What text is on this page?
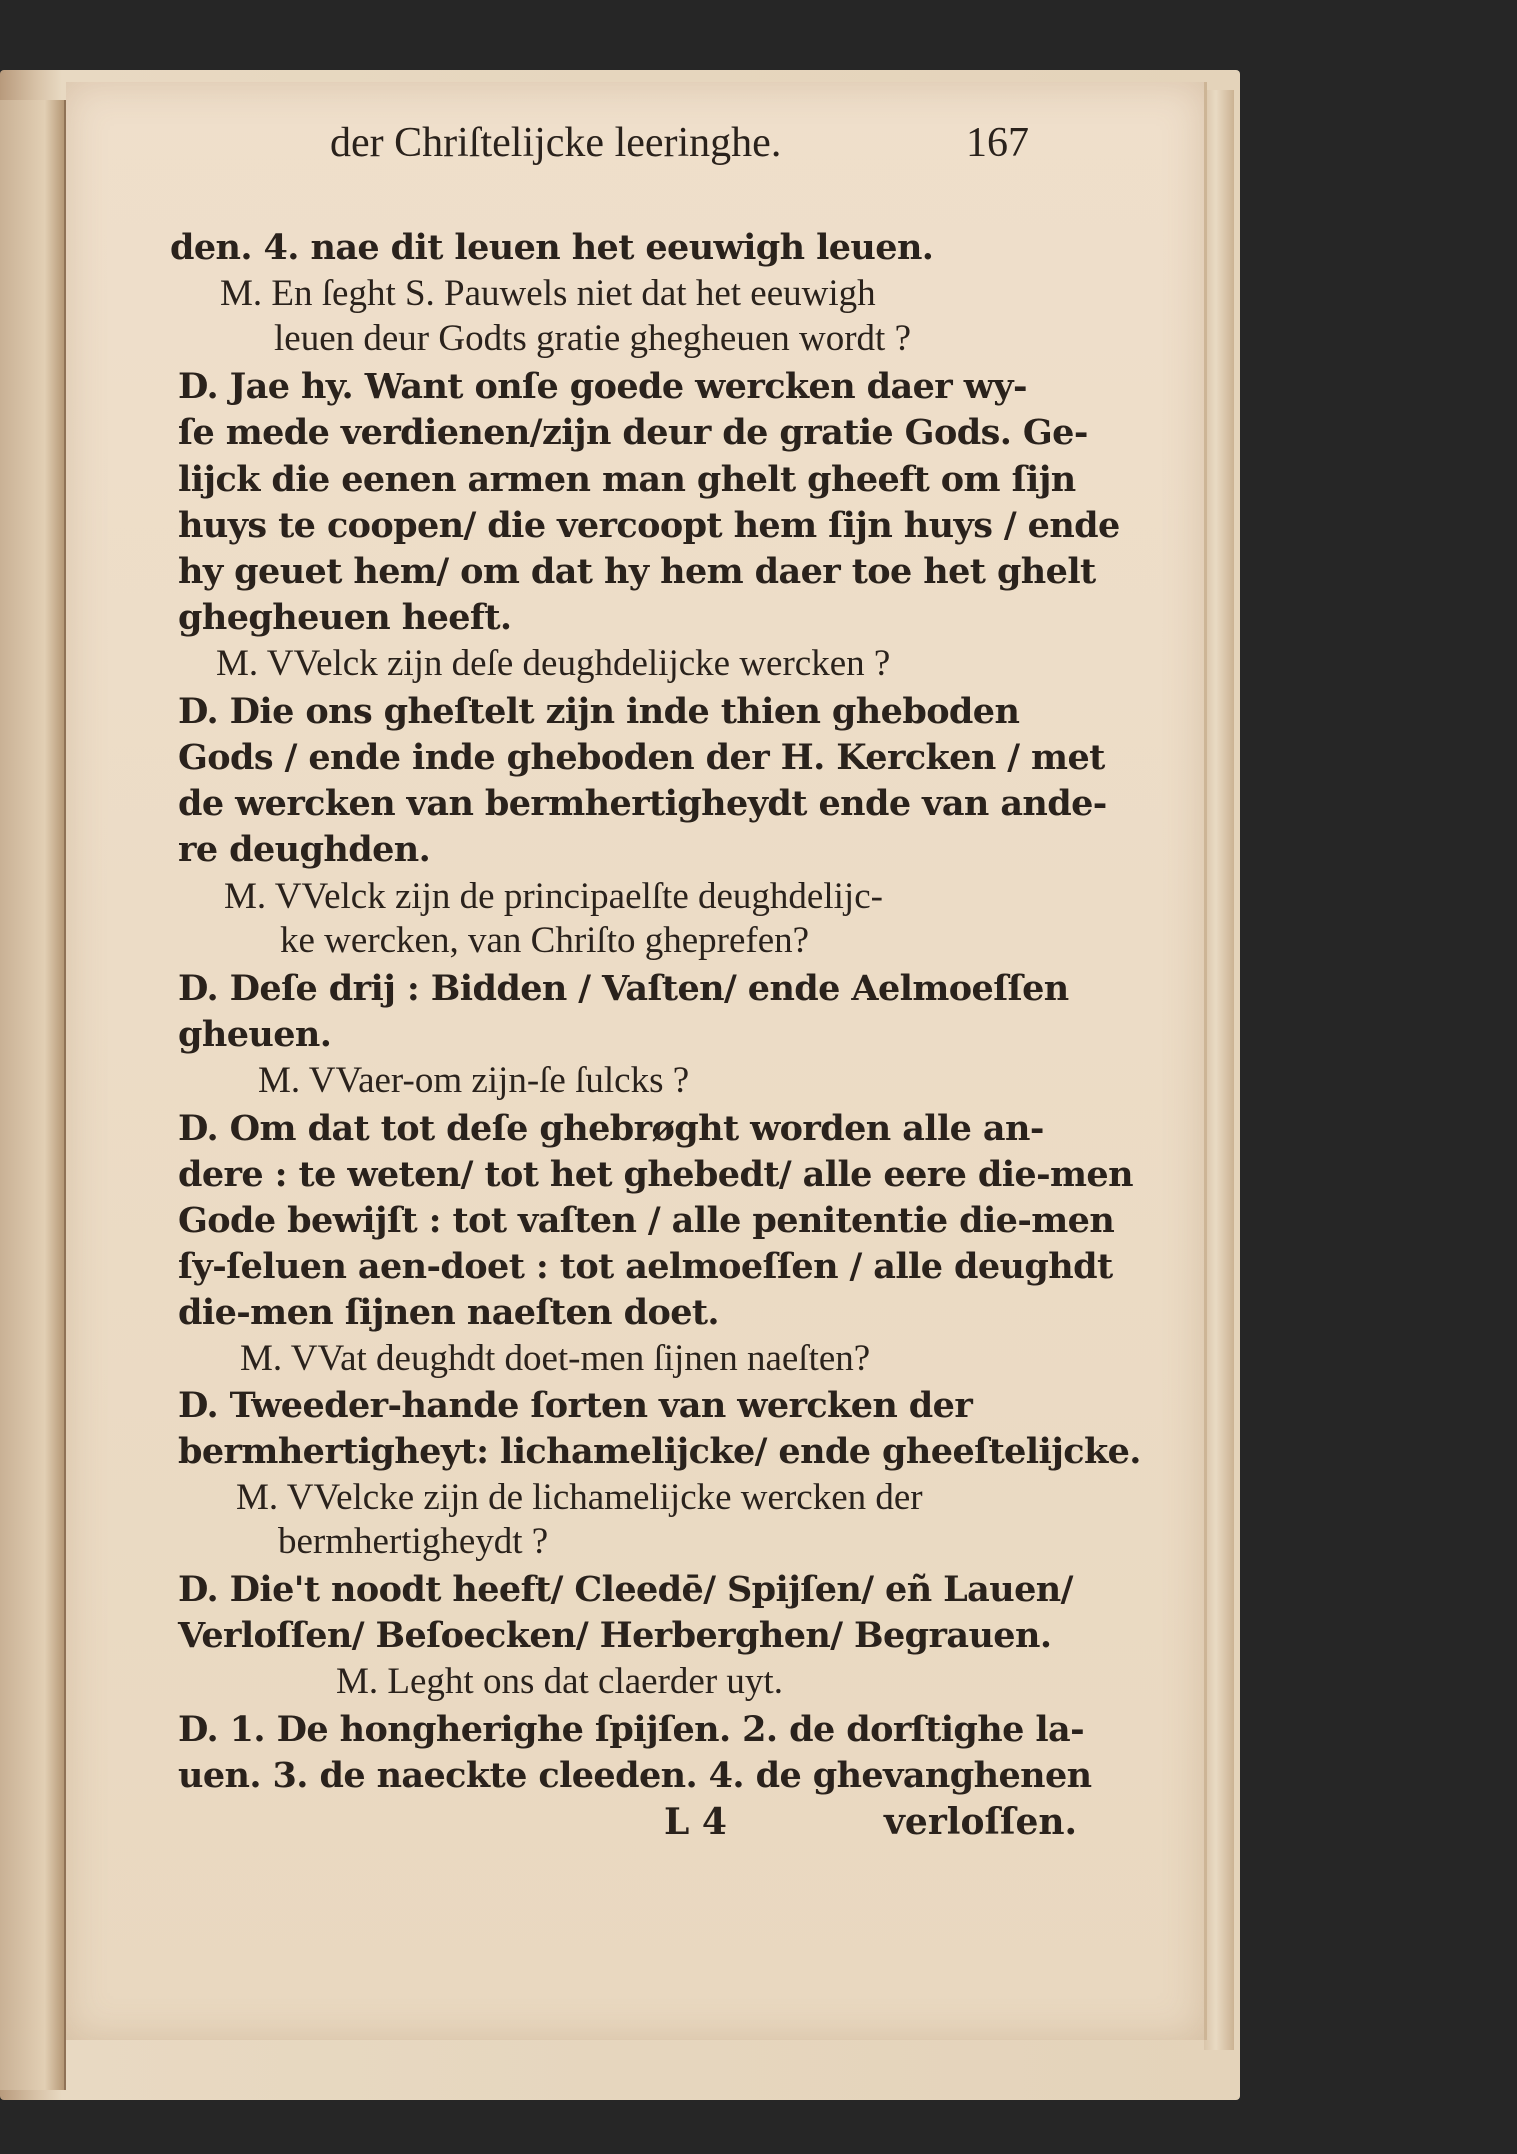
der Chriſtelijcke leeringhe.	167
den. 4. nae dit leuen het eeuwigh leuen.
M. En ſeght S. Pauwels niet dat het eeuwigh
leuen deur Godts gratie ghegheuen wordt ?
D. Jae hy. Want onſe goede wercken daer wy-
ſe mede verdienen/zijn deur de gratie Gods. Ge-
lijck die eenen armen man ghelt gheeft om ſijn
huys te coopen/ die vercoopt hem ſijn huys / ende
hy geuet hem/ om dat hy hem daer toe het ghelt
ghegheuen heeft.
M. VVelck zijn deſe deughdelijcke wercken ?
D. Die ons gheſtelt zijn inde thien gheboden
Gods / ende inde gheboden der H. Kercken / met
de wercken van bermhertigheydt ende van ande-
re deughden.
M. VVelck zijn de principaelſte deughdelijc-
ke wercken, van Chriſto gheprefen?
D. Deſe drij : Bidden / Vaſten/ ende Aelmoeſſen
gheuen.
M. VVaer-om zijn-ſe ſulcks ?
D. Om dat tot deſe ghebrøght worden alle an-
dere : te weten/ tot het ghebedt/ alle eere die-men
Gode bewijſt : tot vaſten / alle penitentie die-men
ſy-ſeluen aen-doet : tot aelmoeſſen / alle deughdt
die-men ſijnen naeſten doet.
M. VVat deughdt doet-men ſijnen naeſten?
D. Tweeder-hande ſorten van wercken der
bermhertigheyt: lichamelijcke/ ende gheeſtelijcke.
M. VVelcke zijn de lichamelijcke wercken der
bermhertigheydt ?
D. Die't noodt heeft/ Cleedē/ Spijſen/ eñ Lauen/
Verloſſen/ Beſoecken/ Herberghen/ Begrauen.
M. Leght ons dat claerder uyt.
D. 1. De hongherighe ſpijſen. 2. de dorſtighe la-
uen. 3. de naeckte cleeden. 4. de ghevanghenen
L 4	verloſſen.
